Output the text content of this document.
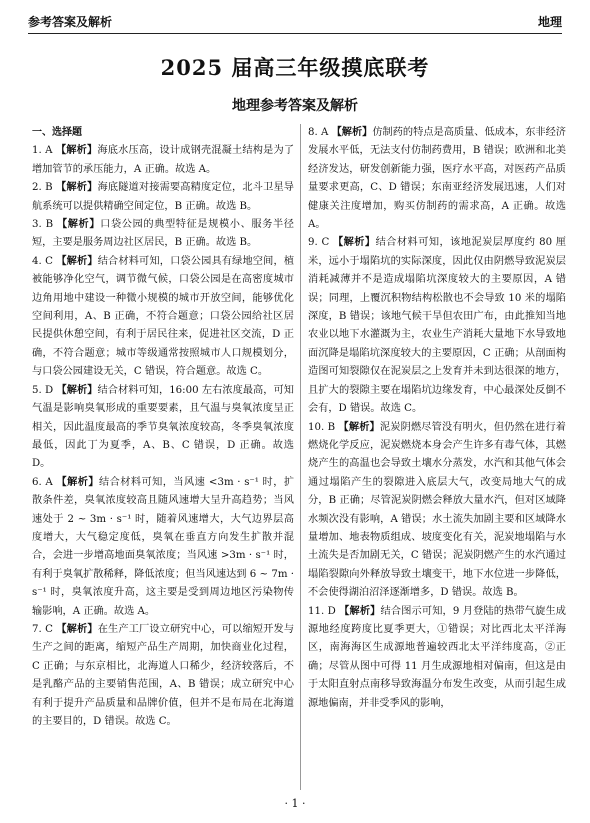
参考答案及解析	地理
2025 届高三年级摸底联考
地理参考答案及解析
一、选择题

1. A 【解析】海底水压高，设计成钢壳混凝土结构是为了增加管节的承压能力，A 正确。故选 A。

2. B 【解析】海底隧道对接需要高精度定位，北斗卫星导航系统可以提供精确空间定位，B 正确。故选 B。

3. B 【解析】口袋公园的典型特征是规模小、服务半径短，主要是服务周边社区居民，B 正确。故选 B。

4. C 【解析】结合材料可知，口袋公园具有绿地空间，植被能够净化空气，调节微气候，口袋公园是在高密度城市边角用地中建设一种微小规模的城市开放空间，能够优化空间利用，A、B 正确，不符合题意；口袋公园给社区居民提供休憩空间，有利于居民往来，促进社区交流，D 正确，不符合题意；城市等级通常按照城市人口规模划分，与口袋公园建设无关，C 错误，符合题意。故选 C。

5. D 【解析】结合材料可知，16:00 左右浓度最高，可知气温是影响臭氧形成的重要要素，且气温与臭氧浓度呈正相关，因此温度最高的季节臭氧浓度较高，冬季臭氧浓度最低，因此丁为夏季，A、B、C 错误，D 正确。故选 D。

6. A 【解析】结合材料可知，当风速 <3m · s⁻¹ 时，扩散条件差，臭氧浓度较高且随风速增大呈升高趋势；当风速处于 2 ~ 3m · s⁻¹ 时，随着风速增大，大气边界层高度增大，大气稳定度低，臭氧在垂直方向发生扩散并混合，会进一步增高地面臭氧浓度；当风速 >3m · s⁻¹ 时，有利于臭氧扩散稀释，降低浓度；但当风速达到 6 ~ 7m · s⁻¹ 时，臭氧浓度升高，这主要是受到周边地区污染物传输影响，A 正确。故选 A。

7. C 【解析】在生产工厂设立研究中心，可以缩短开发与生产之间的距离，缩短产品生产周期，加快商业化过程，C 正确；与东京相比，北海道人口稀少，经济较落后，不是乳酪产品的主要销售范围，A、B 错误；成立研究中心有利于提升产品质量和品牌价值，但并不是布局在北海道的主要目的，D 错误。故选 C。

8. A 【解析】仿制药的特点是高质量、低成本，东非经济发展水平低，无法支付仿制药费用，B 错误；欧洲和北美经济发达，研发创新能力强，医疗水平高，对医药产品质量要求更高，C、D 错误；东南亚经济发展迅速，人们对健康关注度增加，购买仿制药的需求高，A 正确。故选 A。

9. C 【解析】结合材料可知，该地泥炭层厚度约 80 厘米，远小于塌陷坑的实际深度，因此仅由阴燃导致泥炭层消耗减薄并不是造成塌陷坑深度较大的主要原因，A 错误；同理，上覆沉积物结构松散也不会导致 10 米的塌陷深度，B 错误；该地气候干旱但农田广布，由此推知当地农业以地下水灌溉为主，农业生产消耗大量地下水导致地面沉降是塌陷坑深度较大的主要原因，C 正确；从剖面构造图可知裂隙仅在泥炭层之上发育并未到达很深的地方，且扩大的裂隙主要在塌陷坑边缘发育，中心最深处反倒不会有，D 错误。故选 C。

10. B 【解析】泥炭阴燃尽管没有明火，但仍然在进行着燃烧化学反应，泥炭燃烧本身会产生许多有毒气体，其燃烧产生的高温也会导致土壤水分蒸发，水汽和其他气体会通过塌陷产生的裂隙进入底层大气，改变局地大气的成分，B 正确；尽管泥炭阴燃会释放大量水汽，但对区域降水频次没有影响，A 错误；水土流失加剧主要和区域降水量增加、地表物质组成、坡度变化有关，泥炭地塌陷与水土流失是否加剧无关，C 错误；泥炭阴燃产生的水汽通过塌陷裂隙向外释放导致土壤变干，地下水位进一步降低，不会使得湖泊沼泽逐渐增多，D 错误。故选 B。

11. D 【解析】结合图示可知，9 月登陆的热带气旋生成源地经度跨度比夏季更大，①错误；对比西北太平洋海区，南海海区生成源地普遍较西北太平洋纬度高，②正确；尽管从图中可得 11 月生成源地相对偏南，但这是由于太阳直射点南移导致海温分布发生改变，从而引起生成源地偏南，并非受季风的影响，

· 1 ·
